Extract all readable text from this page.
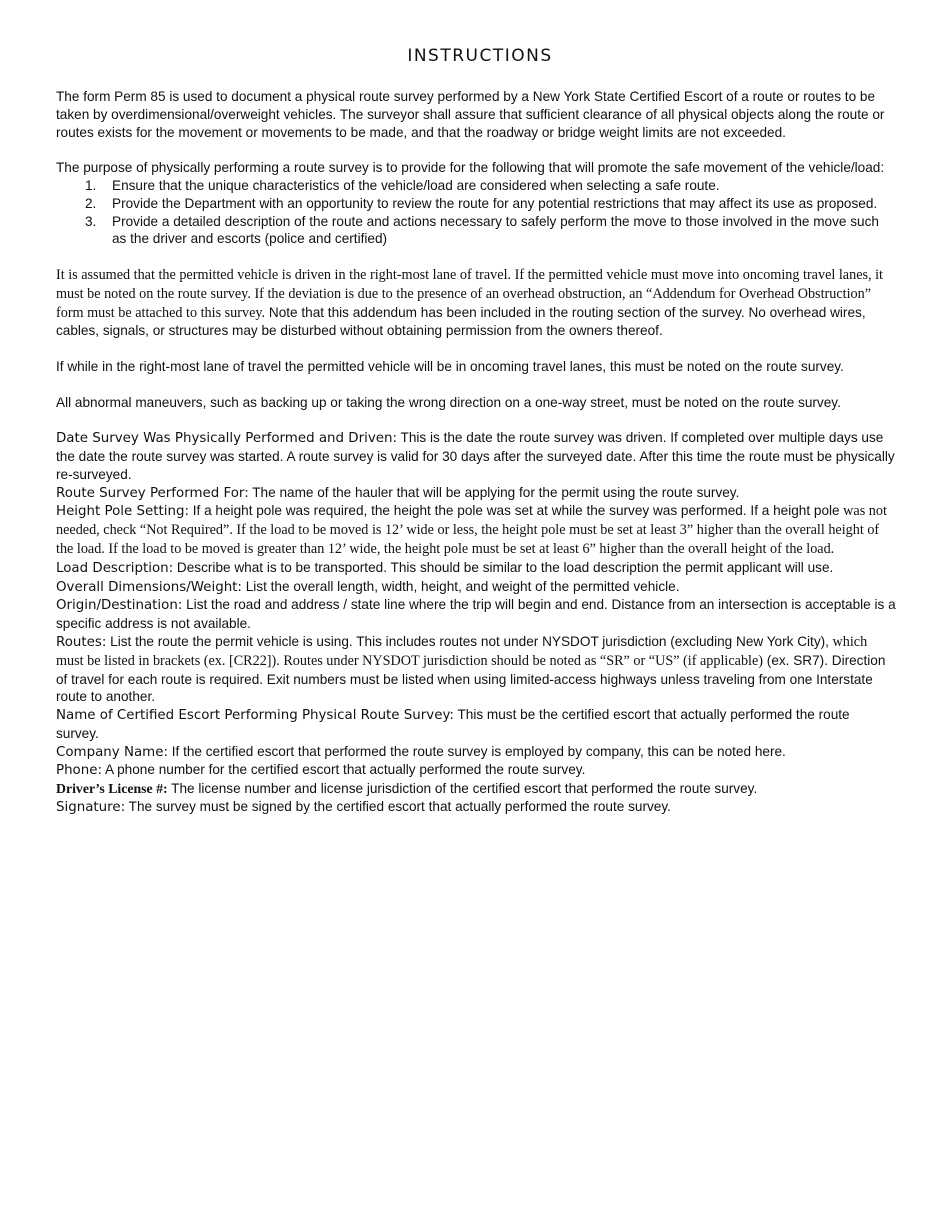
INSTRUCTIONS

The form Perm 85 is used to document a physical route survey performed by a New York State Certified Escort of a route or routes to be taken by overdimensional/overweight vehicles. The surveyor shall assure that sufficient clearance of all physical objects along the route or routes exists for the movement or movements to be made, and that the roadway or bridge weight limits are not exceeded.

The purpose of physically performing a route survey is to provide for the following that will promote the safe movement of the vehicle/load:

1. Ensure that the unique characteristics of the vehicle/load are considered when selecting a safe route.
2. Provide the Department with an opportunity to review the route for any potential restrictions that may affect its use as proposed.
3. Provide a detailed description of the route and actions necessary to safely perform the move to those involved in the move such as the driver and escorts (police and certified)

It is assumed that the permitted vehicle is driven in the right-most lane of travel. If the permitted vehicle must move into oncoming travel lanes, it must be noted on the route survey. If the deviation is due to the presence of an overhead obstruction, an “Addendum for Overhead Obstruction” form must be attached to this survey. Note that this addendum has been included in the routing section of the survey. No overhead wires, cables, signals, or structures may be disturbed without obtaining permission from the owners thereof.

If while in the right-most lane of travel the permitted vehicle will be in oncoming travel lanes, this must be noted on the route survey.

All abnormal maneuvers, such as backing up or taking the wrong direction on a one-way street, must be noted on the route survey.

Date Survey Was Physically Performed and Driven: This is the date the route survey was driven. If completed over multiple days use the date the route survey was started. A route survey is valid for 30 days after the surveyed date. After this time the route must be physically re-surveyed.

Route Survey Performed For: The name of the hauler that will be applying for the permit using the route survey.

Height Pole Setting: If a height pole was required, the height the pole was set at while the survey was performed. If a height pole was not needed, check “Not Required”. If the load to be moved is 12’ wide or less, the height pole must be set at least 3” higher than the overall height of the load. If the load to be moved is greater than 12’ wide, the height pole must be set at least 6” higher than the overall height of the load.

Load Description: Describe what is to be transported. This should be similar to the load description the permit applicant will use.

Overall Dimensions/Weight: List the overall length, width, height, and weight of the permitted vehicle.

Origin/Destination: List the road and address / state line where the trip will begin and end. Distance from an intersection is acceptable is a specific address is not available.

Routes: List the route the permit vehicle is using. This includes routes not under NYSDOT jurisdiction (excluding New York City), which must be listed in brackets (ex. [CR22]). Routes under NYSDOT jurisdiction should be noted as “SR” or “US” (if applicable) (ex. SR7). Direction of travel for each route is required. Exit numbers must be listed when using limited-access highways unless traveling from one Interstate route to another.

Name of Certified Escort Performing Physical Route Survey: This must be the certified escort that actually performed the route survey.

Company Name: If the certified escort that performed the route survey is employed by company, this can be noted here.

Phone: A phone number for the certified escort that actually performed the route survey.

Driver’s License #: The license number and license jurisdiction of the certified escort that performed the route survey.

Signature: The survey must be signed by the certified escort that actually performed the route survey.
